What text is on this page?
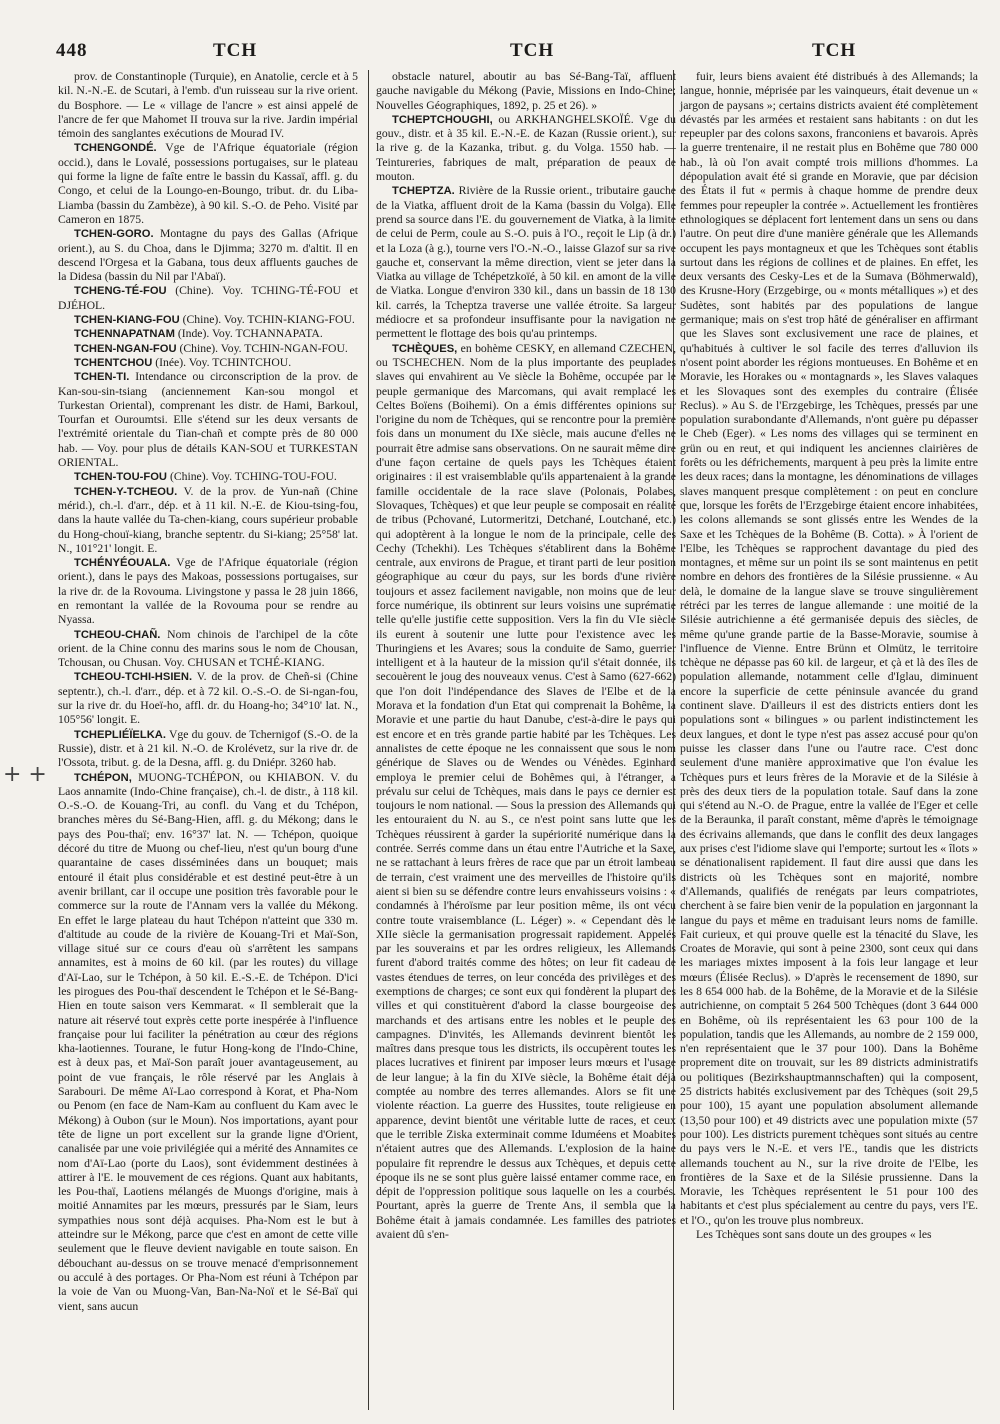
448	TCH	TCH	TCH
+ +

prov. de Constantinople (Turquie), en Anatolie, cercle et à 5 kil. N.-N.-E. de Scutari, à l'emb. d'un ruisseau sur la rive orient. du Bosphore. — Le « village de l'ancre » est ainsi appelé de l'ancre de fer que Mahomet II trouva sur la rive. Jardin impérial témoin des sanglantes exécutions de Mourad IV.

TCHENGONDÉ. Vge de l'Afrique équatoriale (région occid.), dans le Lovalé, possessions portugaises, sur le plateau qui forme la ligne de faîte entre le bassin du Kassaï, affl. g. du Congo, et celui de la Loungo-en-Boungo, tribut. dr. du Liba-Liamba (bassin du Zambèze), à 90 kil. S.-O. de Peho. Visité par Cameron en 1875.

TCHEN-GORO. Montagne du pays des Gallas (Afrique orient.), au S. du Choa, dans le Djimma; 3270 m. d'altit. Il en descend l'Orgesa et la Gabana, tous deux affluents gauches de la Didesa (bassin du Nil par l'Abaï).

TCHENG-TÉ-FOU (Chine). Voy. TCHING-TÉ-FOU et DJÉHOL.

TCHEN-KIANG-FOU (Chine). Voy. TCHIN-KIANG-FOU.

TCHENNAPATNAM (Inde). Voy. TCHANNAPATA.

TCHEN-NGAN-FOU (Chine). Voy. TCHIN-NGAN-FOU.

TCHENTCHOU (Inée). Voy. TCHINTCHOU.

TCHEN-TI. Intendance ou circonscription de la prov. de Kan-sou-sin-tsiang (anciennement Kan-sou mongol et Turkestan Oriental), comprenant les distr. de Hami, Barkoul, Tourfan et Ouroumtsi. Elle s'étend sur les deux versants de l'extrémité orientale du Tian-chañ et compte près de 80 000 hab. — Voy. pour plus de détails KAN-SOU et TURKESTAN ORIENTAL.

TCHEN-TOU-FOU (Chine). Voy. TCHING-TOU-FOU.

TCHEN-Y-TCHEOU. V. de la prov. de Yun-nañ (Chine mérid.), ch.-l. d'arr., dép. et à 11 kil. N.-E. de Kiou-tsing-fou, dans la haute vallée du Ta-chen-kiang, cours supérieur probable du Hong-chouï-kiang, branche septentr. du Si-kiang; 25°58' lat. N., 101°21' longit. E.

TCHÉNYÉOUALA. Vge de l'Afrique équatoriale (région orient.), dans le pays des Makoas, possessions portugaises, sur la rive dr. de la Rovouma. Livingstone y passa le 28 juin 1866, en remontant la vallée de la Rovouma pour se rendre au Nyassa.

TCHEOU-CHAÑ. Nom chinois de l'archipel de la côte orient. de la Chine connu des marins sous le nom de Chousan, Tchousan, ou Chusan. Voy. CHUSAN et TCHÉ-KIANG.

TCHEOU-TCHI-HSIEN. V. de la prov. de Cheñ-si (Chine septentr.), ch.-l. d'arr., dép. et à 72 kil. O.-S.-O. de Si-ngan-fou, sur la rive dr. du Hoeï-ho, affl. dr. du Hoang-ho; 34°10' lat. N., 105°56' longit. E.

TCHEPLIÉÏELKA. Vge du gouv. de Tchernigof (S.-O. de la Russie), distr. et à 21 kil. N.-O. de Krolévetz, sur la rive dr. de l'Ossota, tribut. g. de la Desna, affl. g. du Dniépr. 3260 hab.

TCHÉPON, MUONG-TCHÉPON, ou KHIABON. V. du Laos annamite (Indo-Chine française), ch.-l. de distr., à 118 kil. O.-S.-O. de Kouang-Tri, au confl. du Vang et du Tchépon, branches mères du Sé-Bang-Hien, affl. g. du Mékong; dans le pays des Pou-thaï; env. 16°37' lat. N. — Tchépon, quoique décoré du titre de Muong ou chef-lieu, n'est qu'un bourg d'une quarantaine de cases disséminées dans un bouquet; mais entouré il était plus considérable et est destiné peut-être à un avenir brillant, car il occupe une position très favorable pour le commerce sur la route de l'Annam vers la vallée du Mékong. En effet le large plateau du haut Tchépon n'atteint que 330 m. d'altitude au coude de la rivière de Kouang-Tri et Maï-Son, village situé sur ce cours d'eau où s'arrêtent les sampans annamites, est à moins de 60 kil. (par les routes) du village d'Aï-Lao, sur le Tchépon, à 50 kil. E.-S.-E. de Tchépon. D'ici les pirogues des Pou-thaï descendent le Tchépon et le Sé-Bang-Hien en toute saison vers Kemmarat. « Il semblerait que la nature ait réservé tout exprès cette porte inespérée à l'influence française pour lui faciliter la pénétration au cœur des régions kha-laotiennes. Tourane, le futur Hong-kong de l'Indo-Chine, est à deux pas, et Maï-Son paraît jouer avantageusement, au point de vue français, le rôle réservé par les Anglais à Sarabouri. De même Aï-Lao correspond à Korat, et Pha-Nom ou Penom (en face de Nam-Kam au confluent du Kam avec le Mékong) à Oubon (sur le Moun). Nos importations, ayant pour tête de ligne un port excellent sur la grande ligne d'Orient, canalisée par une voie privilégiée qui a mérité des Annamites ce nom d'Aï-Lao (porte du Laos), sont évidemment destinées à attirer à l'E. le mouvement de ces régions. Quant aux habitants, les Pou-thaï, Laotiens mélangés de Muongs d'origine, mais à moitié Annamites par les mœurs, pressurés par le Siam, leurs sympathies nous sont déjà acquises. Pha-Nom est le but à atteindre sur le Mékong, parce que c'est en amont de cette ville seulement que le fleuve devient navigable en toute saison. En débouchant au-dessus on se trouve menacé d'emprisonnement ou acculé à des portages. Or Pha-Nom est réuni à Tchépon par la voie de Van ou Muong-Van, Ban-Na-Noï et le Sé-Baï qui vient, sans aucun

obstacle naturel, aboutir au bas Sé-Bang-Taï, affluent gauche navigable du Mékong (Pavie, Missions en Indo-Chine; Nouvelles Géographiques, 1892, p. 25 et 26). »

TCHEPTCHOUGHI, ou ARKHANGHELSKOÏÉ. Vge du gouv., distr. et à 35 kil. E.-N.-E. de Kazan (Russie orient.), sur la rive g. de la Kazanka, tribut. g. du Volga. 1550 hab. — Teintureries, fabriques de malt, préparation de peaux de mouton.

TCHEPTZA. Rivière de la Russie orient., tributaire gauche de la Viatka, affluent droit de la Kama (bassin du Volga). Elle prend sa source dans l'E. du gouvernement de Viatka, à la limite de celui de Perm, coule au S.-O. puis à l'O., reçoit le Lip (à dr.) et la Loza (à g.), tourne vers l'O.-N.-O., laisse Glazof sur sa rive gauche et, conservant la même direction, vient se jeter dans la Viatka au village de Tchépetzkoïé, à 50 kil. en amont de la ville de Viatka. Longue d'environ 330 kil., dans un bassin de 18 130 kil. carrés, la Tcheptza traverse une vallée étroite. Sa largeur médiocre et sa profondeur insuffisante pour la navigation ne permettent le flottage des bois qu'au printemps.

TCHÈQUES, en bohème CESKY, en allemand CZECHEN, ou TSCHECHEN. Nom de la plus importante des peuplades slaves qui envahirent au Ve siècle la Bohême, occupée par le peuple germanique des Marcomans, qui avait remplacé les Celtes Boïens (Boihemi). On a émis différentes opinions sur l'origine du nom de Tchèques, qui se rencontre pour la première fois dans un monument du IXe siècle, mais aucune d'elles ne pourrait être admise sans observations. On ne saurait même dire d'une façon certaine de quels pays les Tchèques étaient originaires : il est vraisemblable qu'ils appartenaient à la grande famille occidentale de la race slave (Polonais, Polabes, Slovaques, Tchèques) et que leur peuple se composait en réalité de tribus (Pchované, Lutormeritzi, Detchané, Loutchané, etc.) qui adoptèrent à la longue le nom de la principale, celle des Cechy (Tchekhi). Les Tchèques s'établirent dans la Bohême centrale, aux environs de Prague, et tirant parti de leur position géographique au cœur du pays, sur les bords d'une rivière toujours et assez facilement navigable, non moins que de leur force numérique, ils obtinrent sur leurs voisins une suprématie telle qu'elle justifie cette supposition. Vers la fin du VIe siècle ils eurent à soutenir une lutte pour l'existence avec les Thuringiens et les Avares; sous la conduite de Samo, guerrier intelligent et à la hauteur de la mission qu'il s'était donnée, ils secouèrent le joug des nouveaux venus. C'est à Samo (627-662) que l'on doit l'indépendance des Slaves de l'Elbe et de la Morava et la fondation d'un Etat qui comprenait la Bohême, la Moravie et une partie du haut Danube, c'est-à-dire le pays qui est encore et en très grande partie habité par les Tchèques. Les annalistes de cette époque ne les connaissent que sous le nom générique de Slaves ou de Wendes ou Vénèdes. Eginhard employa le premier celui de Bohêmes qui, à l'étranger, a prévalu sur celui de Tchèques, mais dans le pays ce dernier est toujours le nom national. — Sous la pression des Allemands qui les entouraient du N. au S., ce n'est point sans lutte que les Tchèques réussirent à garder la supériorité numérique dans la contrée. Serrés comme dans un étau entre l'Autriche et la Saxe, ne se rattachant à leurs frères de race que par un étroit lambeau de terrain, c'est vraiment une des merveilles de l'histoire qu'ils aient si bien su se défendre contre leurs envahisseurs voisins : « condamnés à l'héroïsme par leur position même, ils ont vécu contre toute vraisemblance (L. Léger) ». « Cependant dès le XIIe siècle la germanisation progressait rapidement. Appelés par les souverains et par les ordres religieux, les Allemands furent d'abord traités comme des hôtes; on leur fit cadeau de vastes étendues de terres, on leur concéda des privilèges et des exemptions de charges; ce sont eux qui fondèrent la plupart des villes et qui constituèrent d'abord la classe bourgeoise des marchands et des artisans entre les nobles et le peuple des campagnes. D'invités, les Allemands devinrent bientôt les maîtres dans presque tous les districts, ils occupèrent toutes les places lucratives et finirent par imposer leurs mœurs et l'usage de leur langue; à la fin du XIVe siècle, la Bohême était déjà comptée au nombre des terres allemandes. Alors se fit une violente réaction. La guerre des Hussites, toute religieuse en apparence, devint bientôt une véritable lutte de races, et ceux que le terrible Ziska exterminait comme Iduméens et Moabites n'étaient autres que des Allemands. L'explosion de la haine populaire fit reprendre le dessus aux Tchèques, et depuis cette époque ils ne se sont plus guère laissé entamer comme race, en dépit de l'oppression politique sous laquelle on les a courbés. Pourtant, après la guerre de Trente Ans, il sembla que la Bohême était à jamais condamnée. Les familles des patriotes avaient dû s'en-

fuir, leurs biens avaient été distribués à des Allemands; la langue, honnie, méprisée par les vainqueurs, était devenue un « jargon de paysans »; certains districts avaient été complètement dévastés par les armées et restaient sans habitants : on dut les repeupler par des colons saxons, franconiens et bavarois. Après la guerre trentenaire, il ne restait plus en Bohême que 780 000 hab., là où l'on avait compté trois millions d'hommes. La dépopulation avait été si grande en Moravie, que par décision des États il fut « permis à chaque homme de prendre deux femmes pour repeupler la contrée ». Actuellement les frontières ethnologiques se déplacent fort lentement dans un sens ou dans l'autre. On peut dire d'une manière générale que les Allemands occupent les pays montagneux et que les Tchèques sont établis surtout dans les régions de collines et de plaines. En effet, les deux versants des Cesky-Les et de la Sumava (Böhmerwald), des Krusne-Hory (Erzgebirge, ou « monts métalliques ») et des Sudètes, sont habités par des populations de langue germanique; mais on s'est trop hâté de généraliser en affirmant que les Slaves sont exclusivement une race de plaines, et qu'habitués à cultiver le sol facile des terres d'alluvion ils n'osent point aborder les régions montueuses. En Bohême et en Moravie, les Horakes ou « montagnards », les Slaves valaques et les Slovaques sont des exemples du contraire (Élisée Reclus). » Au S. de l'Erzgebirge, les Tchèques, pressés par une population surabondante d'Allemands, n'ont guère pu dépasser le Cheb (Eger). « Les noms des villages qui se terminent en grün ou en reut, et qui indiquent les anciennes clairières de forêts ou les défrichements, marquent à peu près la limite entre les deux races; dans la montagne, les dénominations de villages slaves manquent presque complètement : on peut en conclure que, lorsque les forêts de l'Erzgebirge étaient encore inhabitées, les colons allemands se sont glissés entre les Wendes de la Saxe et les Tchèques de la Bohême (B. Cotta). » À l'orient de l'Elbe, les Tchèques se rapprochent davantage du pied des montagnes, et même sur un point ils se sont maintenus en petit nombre en dehors des frontières de la Silésie prussienne. « Au delà, le domaine de la langue slave se trouve singulièrement rétréci par les terres de langue allemande : une moitié de la Silésie autrichienne a été germanisée depuis des siècles, de même qu'une grande partie de la Basse-Moravie, soumise à l'influence de Vienne. Entre Brünn et Olmütz, le territoire tchèque ne dépasse pas 60 kil. de largeur, et çà et là des îles de population allemande, notamment celle d'Iglau, diminuent encore la superficie de cette péninsule avancée du grand continent slave. D'ailleurs il est des districts entiers dont les populations sont « bilingues » ou parlent indistinctement les deux langues, et dont le type n'est pas assez accusé pour qu'on puisse les classer dans l'une ou l'autre race. C'est donc seulement d'une manière approximative que l'on évalue les Tchèques purs et leurs frères de la Moravie et de la Silésie à près des deux tiers de la population totale. Sauf dans la zone qui s'étend au N.-O. de Prague, entre la vallée de l'Eger et celle de la Beraunka, il paraît constant, même d'après le témoignage des écrivains allemands, que dans le conflit des deux langages aux prises c'est l'idiome slave qui l'emporte; surtout les « îlots » se dénationalisent rapidement. Il faut dire aussi que dans les districts où les Tchèques sont en majorité, nombre d'Allemands, qualifiés de renégats par leurs compatriotes, cherchent à se faire bien venir de la population en jargonnant la langue du pays et même en traduisant leurs noms de famille. Fait curieux, et qui prouve quelle est la ténacité du Slave, les Croates de Moravie, qui sont à peine 2300, sont ceux qui dans les mariages mixtes imposent à la fois leur langage et leur mœurs (Élisée Reclus). » D'après le recensement de 1890, sur les 8 654 000 hab. de la Bohême, de la Moravie et de la Silésie autrichienne, on comptait 5 264 500 Tchèques (dont 3 644 000 en Bohême, où ils représentaient les 63 pour 100 de la population, tandis que les Allemands, au nombre de 2 159 000, n'en représentaient que le 37 pour 100). Dans la Bohême proprement dite on trouvait, sur les 89 districts administratifs ou politiques (Bezirkshauptmannschaften) qui la composent, 25 districts habités exclusivement par des Tchèques (soit 29,5 pour 100), 15 ayant une population absolument allemande (13,50 pour 100) et 49 districts avec une population mixte (57 pour 100). Les districts purement tchèques sont situés au centre du pays vers le N.-E. et vers l'E., tandis que les districts allemands touchent au N., sur la rive droite de l'Elbe, les frontières de la Saxe et de la Silésie prussienne. Dans la Moravie, les Tchèques représentent le 51 pour 100 des habitants et c'est plus spécialement au centre du pays, vers l'E. et l'O., qu'on les trouve plus nombreux.

Les Tchèques sont sans doute un des groupes « les
